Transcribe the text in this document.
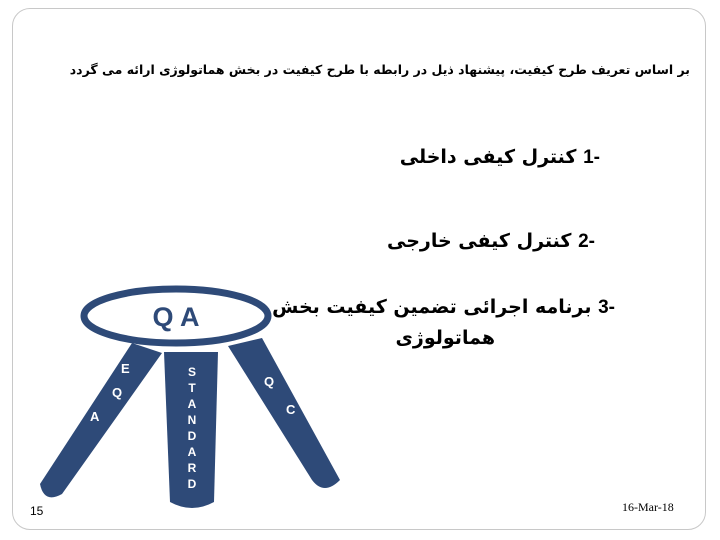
بر اساس تعریف طرح کیفیت، پیشنهاد ذیل در رابطه با طرح کیفیت در بخش هماتولوژی ارائه می گردد
-1 کنترل کیفی داخلی
-2 کنترل کیفی خارجی
-3 برنامه اجرائی تضمین کیفیت بخش
هماتولوژی
Q A
E
Q
A
S
T
A
N
D
A
R
D
Q
C
15	16-Mar-18
